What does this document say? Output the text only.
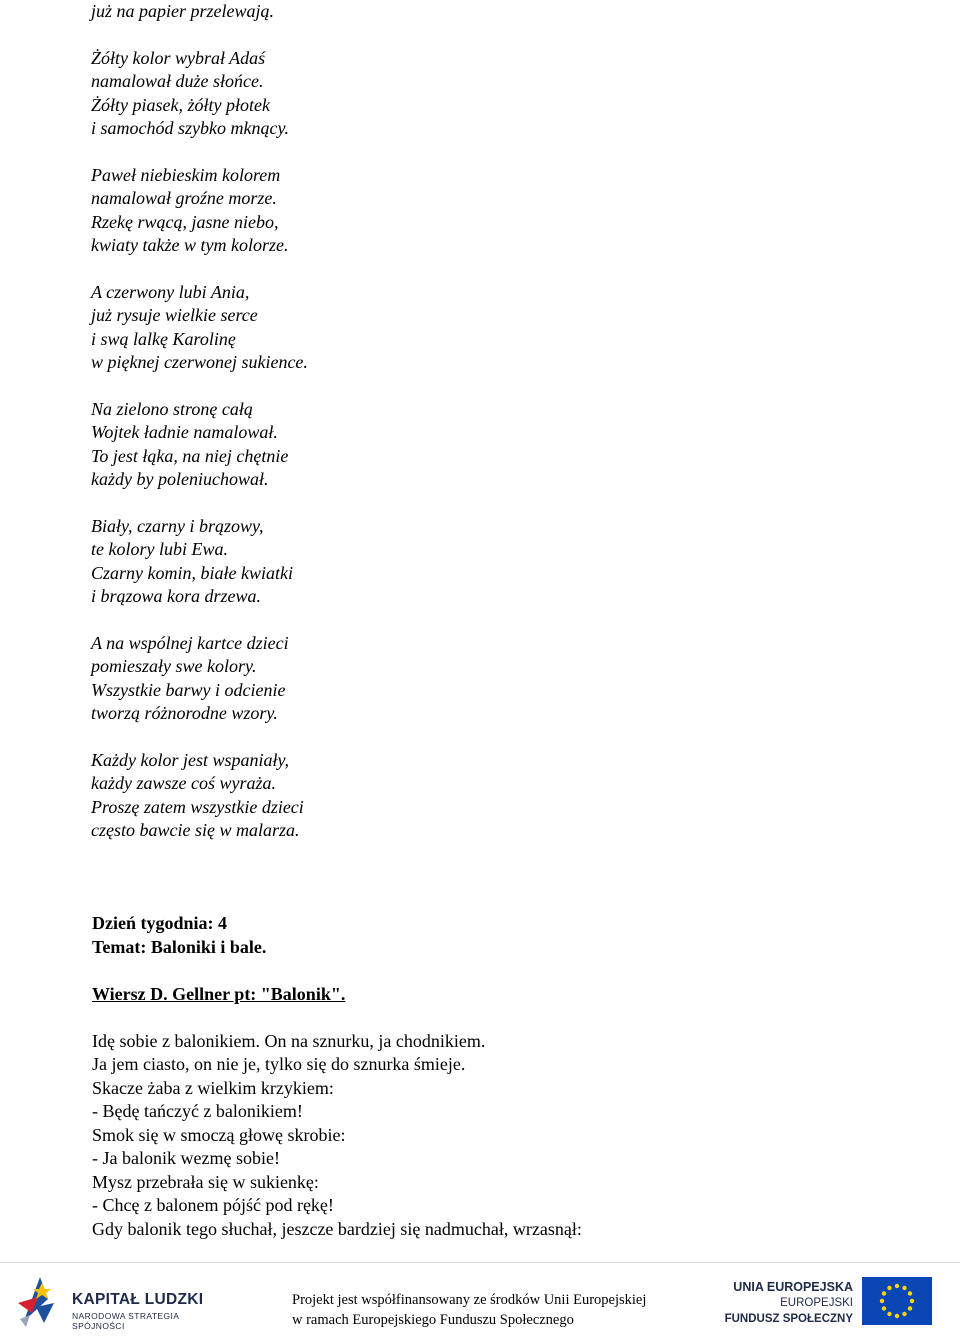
już na papier przelewają.
Żółty kolor wybrał Adaś
namalował duże słońce.
Żółty piasek, żółty płotek
i samochód szybko mknący.
Paweł niebieskim kolorem
namalował groźne morze.
Rzekę rwącą, jasne niebo,
kwiaty także w tym kolorze.
A czerwony lubi Ania,
już rysuje wielkie serce
i swą lalkę Karolinę
w pięknej czerwonej sukience.
Na zielono stronę całą
Wojtek ładnie namalował.
To jest łąka, na niej chętnie
każdy by poleniuchował.
Biały, czarny i brązowy,
te kolory lubi Ewa.
Czarny komin, białe kwiatki
i brązowa kora drzewa.
A na wspólnej kartce dzieci
pomieszały swe kolory.
Wszystkie barwy i odcienie
tworzą różnorodne wzory.
Każdy kolor jest wspaniały,
każdy zawsze coś wyraża.
Proszę zatem wszystkie dzieci
często bawcie się w malarza.
Dzień tygodnia: 4
Temat: Baloniki i bale.
Wiersz D. Gellner pt: "Balonik".
Idę sobie z balonikiem. On na sznurku, ja chodnikiem.
Ja jem ciasto, on nie je, tylko się do sznurka śmieje.
Skacze żaba z wielkim krzykiem:
- Będę tańczyć z balonikiem!
Smok się w smoczą głowę skrobie:
- Ja balonik wezmę sobie!
Mysz przebrała się w sukienkę:
- Chcę z balonem pójść pod rękę!
Gdy balonik tego słuchał, jeszcze bardziej się nadmuchał, wrzasnął:
KAPITAŁ LUDZKI
NARODOWA STRATEGIA SPÓJNOŚCI
Projekt jest współfinansowany ze środków Unii Europejskiej
w ramach Europejskiego Funduszu Społecznego
UNIA EUROPEJSKA
EUROPEJSKI
FUNDUSZ SPOŁECZNY
